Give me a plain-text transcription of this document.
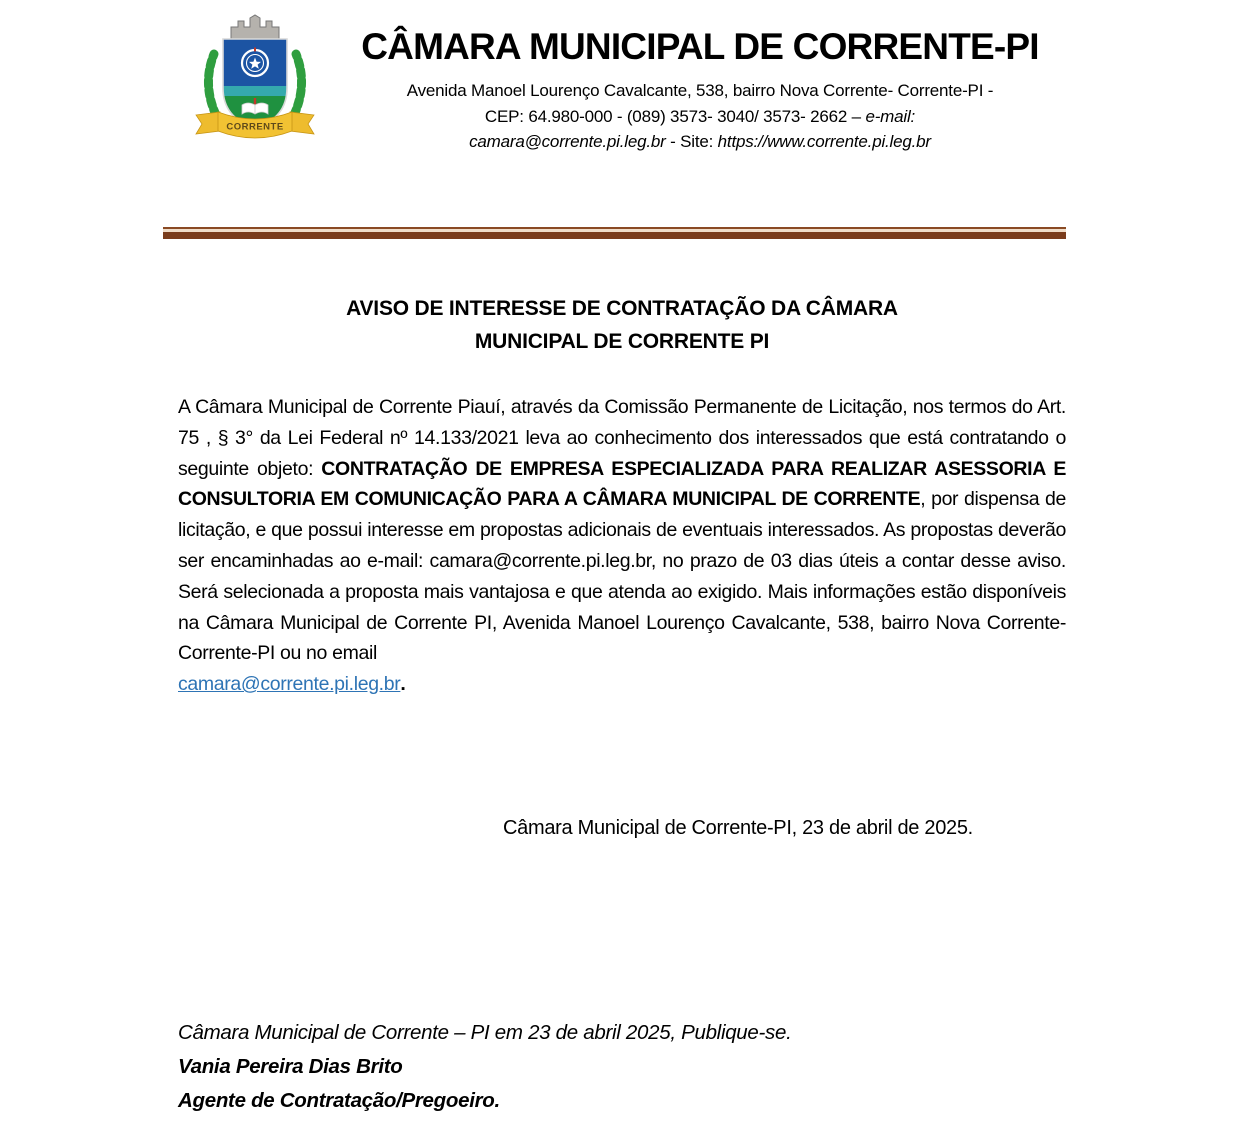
CORRENTE
CÂMARA MUNICIPAL DE CORRENTE-PI
Avenida Manoel Lourenço Cavalcante, 538, bairro Nova Corrente- Corrente-PI -
CEP: 64.980-000 - (089) 3573- 3040/ 3573- 2662 – e-mail:
camara@corrente.pi.leg.br - Site: https://www.corrente.pi.leg.br
AVISO DE INTERESSE DE CONTRATAÇÃO DA CÂMARA
MUNICIPAL DE CORRENTE PI

A Câmara Municipal de Corrente Piauí, através da Comissão Permanente de Licitação, nos termos do Art. 75 , § 3° da Lei Federal nº 14.133/2021 leva ao conhecimento dos interessados que está contratando o seguinte objeto: CONTRATAÇÃO DE EMPRESA ESPECIALIZADA PARA REALIZAR ASESSORIA E CONSULTORIA EM COMUNICAÇÃO PARA A CÂMARA MUNICIPAL DE CORRENTE, por dispensa de licitação, e que possui interesse em propostas adicionais de eventuais interessados. As propostas deverão ser encaminhadas ao e-mail: camara@corrente.pi.leg.br, no prazo de 03 dias úteis a contar desse aviso. Será selecionada a proposta mais vantajosa e que atenda ao exigido. Mais informações estão disponíveis na Câmara Municipal de Corrente PI, Avenida Manoel Lourenço Cavalcante, 538, bairro Nova Corrente- Corrente-PI ou no email

camara@corrente.pi.leg.br.
Câmara Municipal de Corrente-PI, 23 de abril de 2025.
Câmara Municipal de Corrente – PI em 23 de abril 2025, Publique-se.
Vania Pereira Dias Brito
Agente de Contratação/Pregoeiro.
